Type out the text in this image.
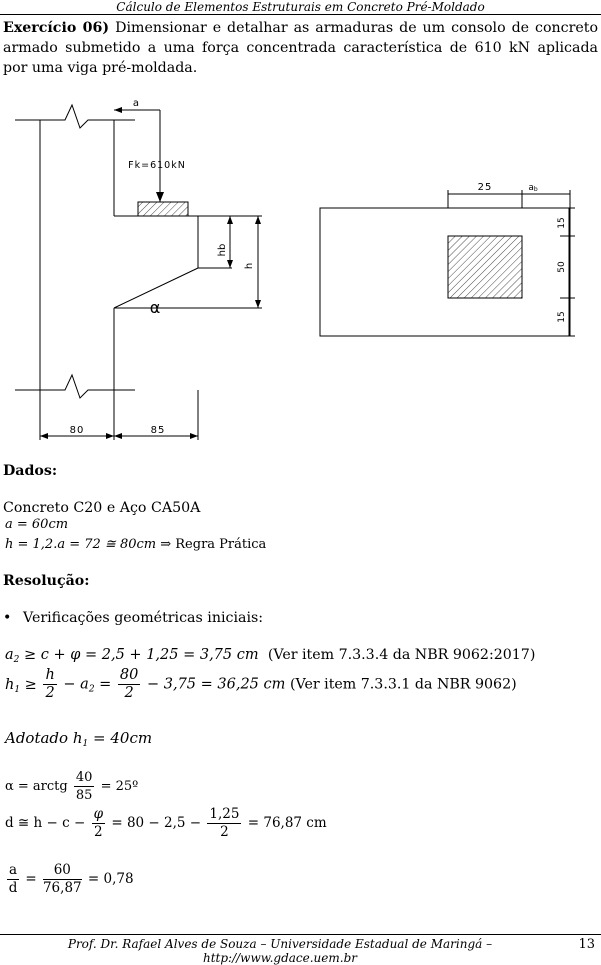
Cálculo de Elementos Estruturais em Concreto Pré-Moldado
Exercício 06) Dimensionar e detalhar as armaduras de um consolo de concreto armado submetido a uma força concentrada característica de 610 kN aplicada por uma viga pré-moldada.
a
Fk=610kN
hb
h
α
80	85
25	ab
15
50
15
Dados:
Concreto C20 e Aço CA50A
a = 60cm
h = 1,2.a = 72 ≅ 80cm ⇒ Regra Prática
Resolução:
• Verificações geométricas iniciais:
$a_2 \ge c + \varphi = 2,5 + 1,25 = 3,75$ cm (Ver item 7.3.3.4 da NBR 9062:2017)
$h_1 \ge \frac{h}{2} - a_2 = \frac{80}{2} - 3,75 = 36,25$ cm (Ver item 7.3.3.1 da NBR 9062)
Adotado $h_1 = 40cm$
α = arctg $\frac{40}{85}$ = 25º
d ≅ $h - c - \frac{\varphi}{2} = 80 - 2,5 - \frac{1,25}{2} = 76,87$ cm
$\frac{a}{d} = \frac{60}{76,87} = 0,78$
Prof. Dr. Rafael Alves de Souza – Universidade Estadual de Maringá – http://www.gdace.uem.br
13
